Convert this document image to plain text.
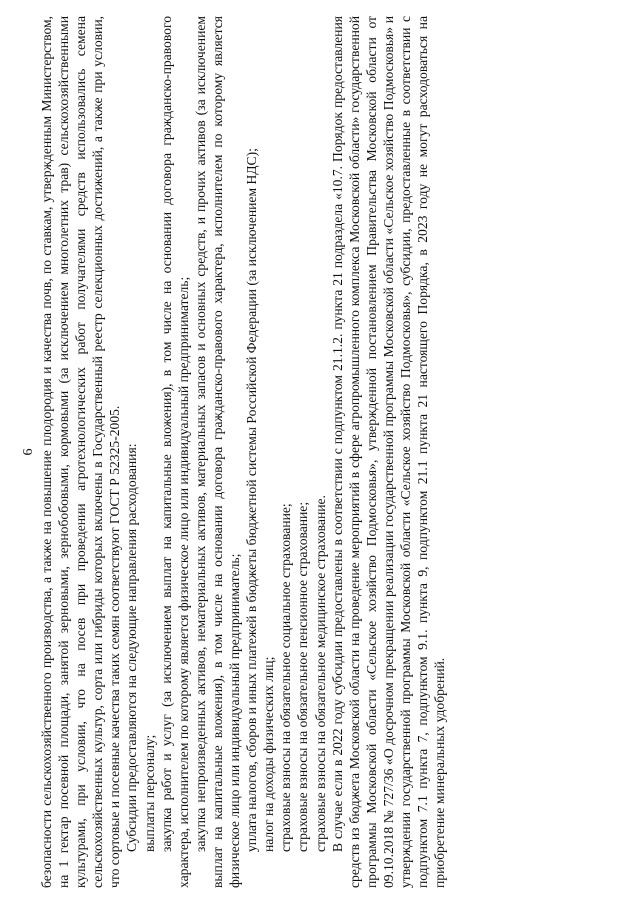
6 безопасности сельскохозяйственного производства, а также на повышение плодородия и качества почв, по ставкам, утвержденным Министерством, на 1 гектар посевной площади, занятой зерновыми, зернобобовыми, кормовыми (за исключением многолетних трав) сельскохозяйственными культурами, при условии, что на посев при проведении агротехнологических работ получателями средств использовались семена сельскохозяйственных культур, сорта или гибриды которых включены в Государственный реестр селекционных достижений, а также при условии, что сортовые и посевные качества таких семян соответствуют ГОСТ Р 52325-2005. Субсидии предоставляются на следующие направления расходования: выплаты персоналу; закупка работ и услуг (за исключением выплат на капитальные вложения), в том числе на основании договора гражданско-правового характера, исполнителем по которому является физическое лицо или индивидуальный предприниматель; закупка непроизведенных активов, нематериальных активов, материальных запасов и основных средств, и прочих активов (за исключением выплат на капитальные вложения), в том числе на основании договора гражданско-правового характера, исполнителем по которому является физическое лицо или индивидуальный предприниматель; уплата налогов, сборов и иных платежей в бюджеты бюджетной системы Российской Федерации (за исключением НДС); налог на доходы физических лиц; страховые взносы на обязательное социальное страхование; страховые взносы на обязательное пенсионное страхование; страховые взносы на обязательное медицинское страхование. В случае если в 2022 году субсидии предоставлены в соответствии с подпунктом 21.1.2. пункта 21 подраздела «10.7. Порядок предоставления средств из бюджета Московской области на проведение мероприятий в сфере агропромышленного комплекса Московской области» государственной программы Московской области «Сельское хозяйство Подмосковья», утвержденной постановлением Правительства Московской области от 09.10.2018 № 727/36 «О досрочном прекращении реализации государственной программы Московской области «Сельское хозяйство Подмосковья» и утверждении государственной программы Московской области «Сельское хозяйство Подмосковья», субсидии, предоставленные в соответствии с подпунктом 7.1 пункта 7, подпунктом 9.1. пункта 9, подпунктом 21.1 пункта 21 настоящего Порядка, в 2023 году не могут расходоваться на приобретение минеральных удобрений.
